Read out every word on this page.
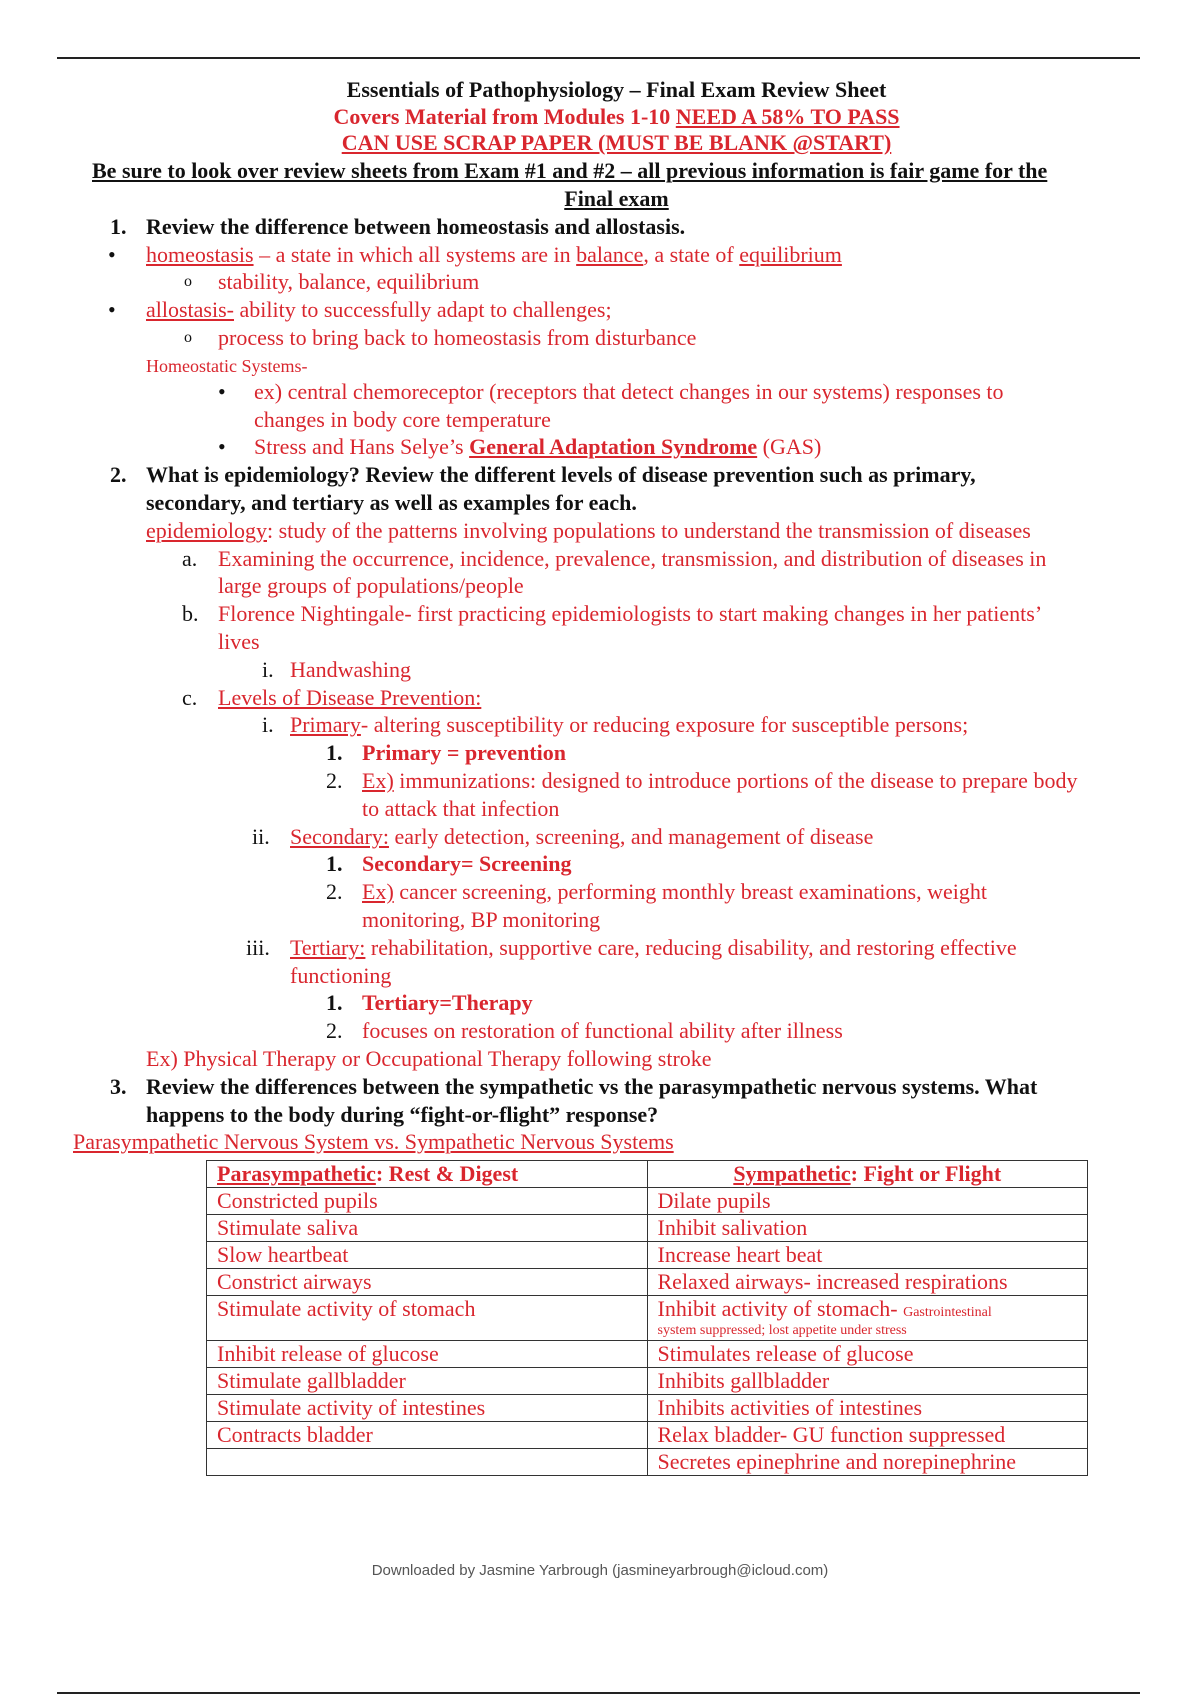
Essentials of Pathophysiology – Final Exam Review Sheet
Covers Material from Modules 1-10 NEED A 58% TO PASS
CAN USE SCRAP PAPER (MUST BE BLANK @START)
Be sure to look over review sheets from Exam #1 and #2 – all previous information is fair game for the
Final exam
1. Review the difference between homeostasis and allostasis.
• homeostasis – a state in which all systems are in balance, a state of equilibrium
o stability, balance, equilibrium
• allostasis- ability to successfully adapt to challenges;
o process to bring back to homeostasis from disturbance
Homeostatic Systems-
• ex) central chemoreceptor (receptors that detect changes in our systems) responses to
changes in body core temperature
• Stress and Hans Selye’s General Adaptation Syndrome (GAS)
2. What is epidemiology? Review the different levels of disease prevention such as primary,
secondary, and tertiary as well as examples for each.
epidemiology: study of the patterns involving populations to understand the transmission of diseases
a. Examining the occurrence, incidence, prevalence, transmission, and distribution of diseases in
large groups of populations/people
b. Florence Nightingale- first practicing epidemiologists to start making changes in her patients’
lives
i. Handwashing
c. Levels of Disease Prevention:
i. Primary- altering susceptibility or reducing exposure for susceptible persons;
1. Primary = prevention
2. Ex) immunizations: designed to introduce portions of the disease to prepare body
to attack that infection
ii. Secondary: early detection, screening, and management of disease
1. Secondary= Screening
2. Ex) cancer screening, performing monthly breast examinations, weight
monitoring, BP monitoring
iii. Tertiary: rehabilitation, supportive care, reducing disability, and restoring effective
functioning
1. Tertiary=Therapy
2. focuses on restoration of functional ability after illness
Ex) Physical Therapy or Occupational Therapy following stroke
3. Review the differences between the sympathetic vs the parasympathetic nervous systems. What
happens to the body during “fight-or-flight” response?
Parasympathetic Nervous System vs. Sympathetic Nervous Systems
Parasympathetic: Rest & Digest	Sympathetic: Fight or Flight
Constricted pupils	Dilate pupils
Stimulate saliva	Inhibit salivation
Slow heartbeat	Increase heart beat
Constrict airways	Relaxed airways- increased respirations
Stimulate activity of stomach	Inhibit activity of stomach- Gastrointestinal
system suppressed; lost appetite under stress

Inhibit release of glucose	Stimulates release of glucose
Stimulate gallbladder	Inhibits gallbladder
Stimulate activity of intestines	Inhibits activities of intestines
Contracts bladder	Relax bladder- GU function suppressed
	Secretes epinephrine and norepinephrine
Downloaded by Jasmine Yarbrough (jasmineyarbrough@icloud.com)
